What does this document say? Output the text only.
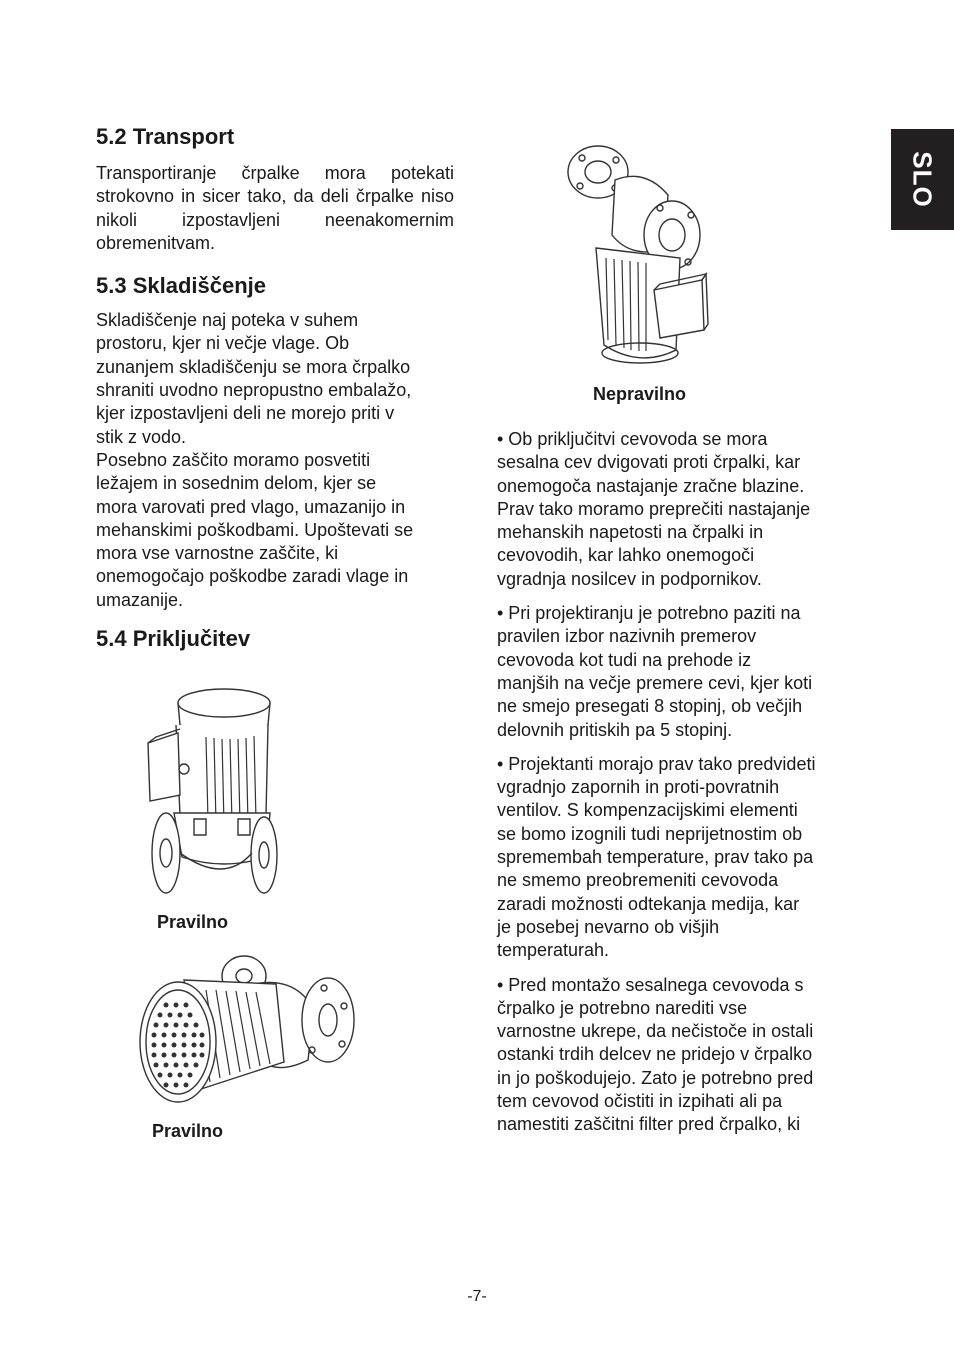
SLO
5.2 Transport

Transportiranje črpalke mora potekati strokovno in sicer tako, da deli črpalke niso nikoli izpostavljeni neenakomernim obremenitvam.

5.3 Skladiščenje

Skladiščenje naj poteka v suhem
prostoru, kjer ni večje vlage. Ob
zunanjem skladiščenju se mora črpalko
shraniti uvodno nepropustno embalažo,
kjer izpostavljeni deli ne morejo priti v
stik z vodo.
Posebno zaščito moramo posvetiti
ležajem in sosednim delom, kjer se
mora varovati pred vlago, umazanijo in
mehanskimi poškodbami. Upoštevati se
mora vse varnostne zaščite, ki
onemogočajo poškodbe zaradi vlage in
umazanije.

5.4 Priključitev
Nepravilno
Pravilno
Pravilno

• Ob priključitvi cevovoda se mora
sesalna cev dvigovati proti črpalki, kar
onemogoča nastajanje zračne blazine.
Prav tako moramo preprečiti nastajanje
mehanskih napetosti na črpalki in
cevovodih, kar lahko onemogoči
vgradnja nosilcev in podpornikov.

• Pri projektiranju je potrebno paziti na
pravilen izbor nazivnih premerov
cevovoda kot tudi na prehode iz
manjših na večje premere cevi, kjer koti
ne smejo presegati 8 stopinj, ob večjih
delovnih pritiskih pa 5 stopinj.

• Projektanti morajo prav tako predvideti
vgradnjo zapornih in proti-povratnih
ventilov. S kompenzacijskimi elementi
se bomo izognili tudi neprijetnostim ob
spremembah temperature, prav tako pa
ne smemo preobremeniti cevovoda
zaradi možnosti odtekanja medija, kar
je posebej nevarno ob višjih
temperaturah.

• Pred montažo sesalnega cevovoda s
črpalko je potrebno narediti vse
varnostne ukrepe, da nečistoče in ostali
ostanki trdih delcev ne pridejo v črpalko
in jo poškodujejo. Zato je potrebno pred
tem cevovod očistiti in izpihati ali pa
namestiti zaščitni filter pred črpalko, ki

-7-
